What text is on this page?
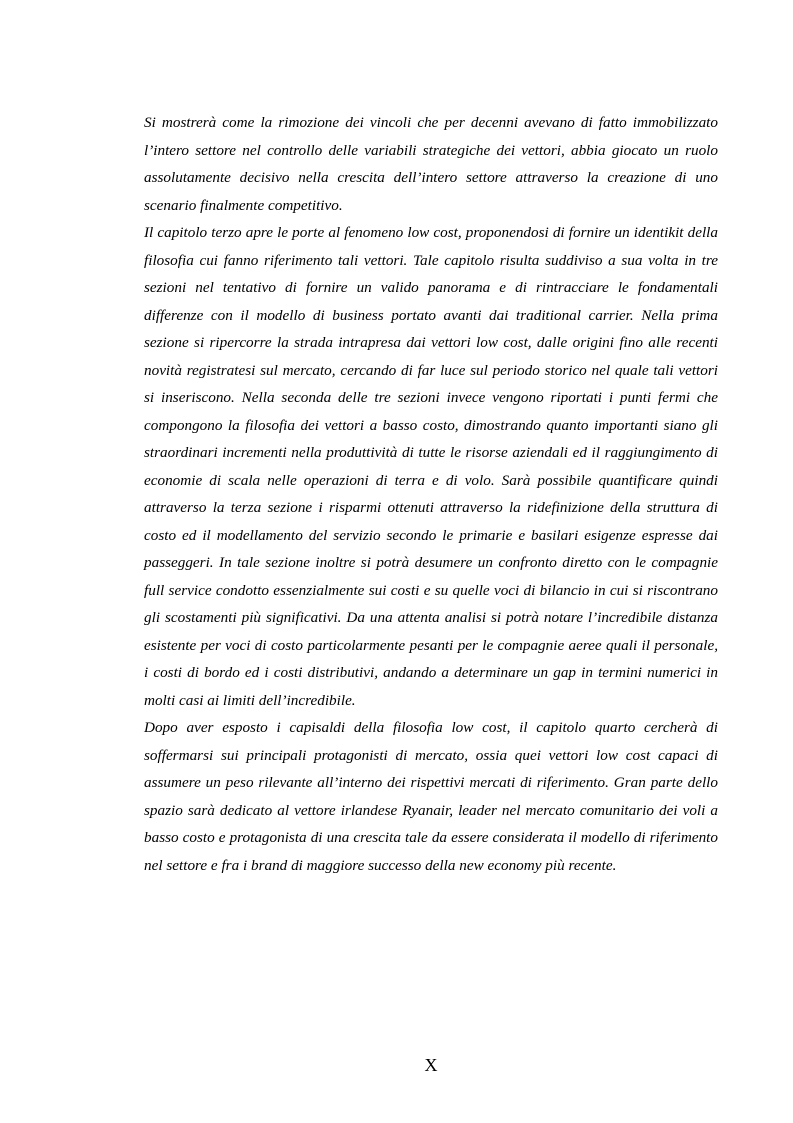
Si mostrerà come la rimozione dei vincoli che per decenni avevano di fatto immobilizzato l’intero settore nel controllo delle variabili strategiche dei vettori, abbia giocato un ruolo assolutamente decisivo nella crescita dell’intero settore attraverso la creazione di uno scenario finalmente competitivo.

Il capitolo terzo apre le porte al fenomeno low cost, proponendosi di fornire un identikit della filosofia cui fanno riferimento tali vettori. Tale capitolo risulta suddiviso a sua volta in tre sezioni nel tentativo di fornire un valido panorama e di rintracciare le fondamentali differenze con il modello di business portato avanti dai traditional carrier. Nella prima sezione si ripercorre la strada intrapresa dai vettori low cost, dalle origini fino alle recenti novità registratesi sul mercato, cercando di far luce sul periodo storico nel quale tali vettori si inseriscono. Nella seconda delle tre sezioni invece vengono riportati i punti fermi che compongono la filosofia dei vettori a basso costo, dimostrando quanto importanti siano gli straordinari incrementi nella produttività di tutte le risorse aziendali ed il raggiungimento di economie di scala nelle operazioni di terra e di volo. Sarà possibile quantificare quindi attraverso la terza sezione i risparmi ottenuti attraverso la ridefinizione della struttura di costo ed il modellamento del servizio secondo le primarie e basilari esigenze espresse dai passeggeri. In tale sezione inoltre si potrà desumere un confronto diretto con le compagnie full service condotto essenzialmente sui costi e su quelle voci di bilancio in cui si riscontrano gli scostamenti più significativi. Da una attenta analisi si potrà notare l’incredibile distanza esistente per voci di costo particolarmente pesanti per le compagnie aeree quali il personale, i costi di bordo ed i costi distributivi, andando a determinare un gap in termini numerici in molti casi ai limiti dell’incredibile.

Dopo aver esposto i capisaldi della filosofia low cost, il capitolo quarto cercherà di soffermarsi sui principali protagonisti di mercato, ossia quei vettori low cost capaci di assumere un peso rilevante all’interno dei rispettivi mercati di riferimento. Gran parte dello spazio sarà dedicato al vettore irlandese Ryanair, leader nel mercato comunitario dei voli a basso costo e protagonista di una crescita tale da essere considerata il modello di riferimento nel settore e fra i brand di maggiore successo della new economy più recente.

X
